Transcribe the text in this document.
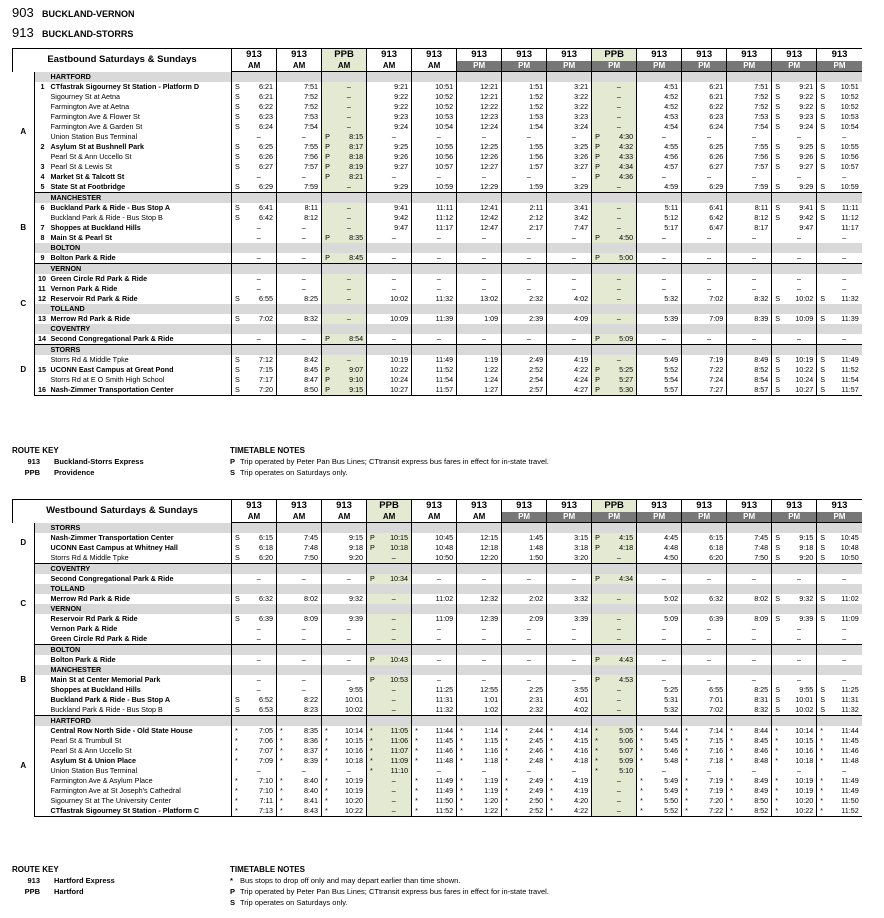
903 BUCKLAND-VERNON
913 BUCKLAND-STORRS
Eastbound Saturdays & Sundays			913		913		PPB		913		913		913		913		913		PPB		913		913		913		913		913	
			AM		AM		AM		AM		AM		PM		PM		PM		PM		PM		PM		PM		PM		PM	
A		HARTFORD																												
	1	CTfastrak Sigourney St Station - Platform D	S	6:21		7:51		–		9:21		10:51		12:21		1:51		3:21		–		4:51		6:21		7:51	S	9:21	S	10:51
		Sigourney St at Aetna	S	6:21		7:52		–		9:22		10:52		12:21		1:52		3:22		–		4:52		6:21		7:52	S	9:22	S	10:52
		Farmington Ave at Aetna	S	6:22		7:52		–		9:22		10:52		12:22		1:52		3:22		–		4:52		6:22		7:52	S	9:22	S	10:52
		Farmington Ave & Flower St	S	6:23		7:53		–		9:23		10:53		12:23		1:53		3:23		–		4:53		6:23		7:53	S	9:23	S	10:53
		Farmington Ave & Garden St	S	6:24		7:54		–		9:24		10:54		12:24		1:54		3:24		–		4:54		6:24		7:54	S	9:24	S	10:54
		Union Station Bus Terminal		–		–	P	8:15		–		–		–		–		–	P	4:30		–		–		–		–		–
	2	Asylum St at Bushnell Park	S	6:25		7:55	P	8:17		9:25		10:55		12:25		1:55		3:25	P	4:32		4:55		6:25		7:55	S	9:25	S	10:55
		Pearl St & Ann Uccello St	S	6:26		7:56	P	8:18		9:26		10:56		12:26		1:56		3:26	P	4:33		4:56		6:26		7:56	S	9:26	S	10:56
	3	Pearl St & Lewis St	S	6:27		7:57	P	8:19		9:27		10:57		12:27		1:57		3:27	P	4:34		4:57		6:27		7:57	S	9:27	S	10:57
	4	Market St & Talcott St		–		–	P	8:21		–		–		–		–		–	P	4:36		–		–		–		–		–
	5	State St at Footbridge	S	6:29		7:59		–		9:29		10:59		12:29		1:59		3:29		–		4:59		6:29		7:59	S	9:29	S	10:59
B		MANCHESTER																												
	6	Buckland Park & Ride - Bus Stop A	S	6:41		8:11		–		9:41		11:11		12:41		2:11		3:41		–		5:11		6:41		8:11	S	9:41	S	11:11
		Buckland Park & Ride - Bus Stop B	S	6:42		8:12		–		9:42		11:12		12:42		2:12		3:42		–		5:12		6:42		8:12	S	9:42	S	11:12
	7	Shoppes at Buckland Hills		–		–		–		9:47		11:17		12:47		2:17		7:47		–		5:17		6:47		8:17		9:47		11:17
	8	Main St & Pearl St		–		–	P	8:35		–		–		–		–		–	P	4:50		–		–		–		–		–
		BOLTON																												
	9	Bolton Park & Ride		–		–	P	8:45		–		–		–		–		–	P	5:00		–		–		–		–		–
C		VERNON																												
	10	Green Circle Rd Park & Ride		–		–		–		–		–		–		–		–		–		–		–		–		–		–
	11	Vernon Park & Ride		–		–		–		–		–		–		–		–		–		–		–		–		–		–
	12	Reservoir Rd Park & Ride	S	6:55		8:25		–		10:02		11:32		13:02		2:32		4:02		–		5:32		7:02		8:32	S	10:02	S	11:32
		TOLLAND																												
	13	Merrow Rd Park & Ride	S	7:02		8:32		–		10:09		11:39		1:09		2:39		4:09		–		5:39		7:09		8:39	S	10:09	S	11:39
		COVENTRY																												
	14	Second Congregational Park & Ride		–		–	P	8:54		–		–		–		–		–	P	5:09		–		–		–		–		–
D		STORRS																												
		Storrs Rd & Middle Tpke	S	7:12		8:42		–		10:19		11:49		1:19		2:49		4:19		–		5:49		7:19		8:49	S	10:19	S	11:49
	15	UCONN East Campus at Great Pond	S	7:15		8:45	P	9:07		10:22		11:52		1:22		2:52		4:22	P	5:25		5:52		7:22		8:52	S	10:22	S	11:52
		Storrs Rd at E O Smith High School	S	7:17		8:47	P	9:10		10:24		11:54		1:24		2:54		4:24	P	5:27		5:54		7:24		8:54	S	10:24	S	11:54
	16	Nash-Zimmer Transportation Center	S	7:20		8:50	P	9:15		10:27		11:57		1:27		2:57		4:27	P	5:30		5:57		7:27		8:57	S	10:27	S	11:57
ROUTE KEY
913 Buckland-Storrs Express
PPB Providence
TIMETABLE NOTES
P Trip operated by Peter Pan Bus Lines; CTtransit express bus fares in effect for in-state travel.
S Trip operates on Saturdays only.
Westbound Saturdays & Sundays			913		913		913		PPB		913		913		913		913		PPB		913		913		913		913		913	
			AM		AM		AM		AM		AM		AM		PM		PM		PM		PM		PM		PM		PM		PM	
D		STORRS																												
		Nash-Zimmer Transportation Center	S	6:15		7:45		9:15	P	10:15		10:45		12:15		1:45		3:15	P	4:15		4:45		6:15		7:45	S	9:15	S	10:45
		UCONN East Campus at Whitney Hall	S	6:18		7:48		9:18	P	10:18		10:48		12:18		1:48		3:18	P	4:18		4:48		6:18		7:48	S	9:18	S	10:48
		Storrs Rd & Middle Tpke	S	6:20		7:50		9:20		–		10:50		12:20		1:50		3:20		–		4:50		6:20		7:50	S	9:20	S	10:50
C		COVENTRY																												
		Second Congregational Park & Ride		–		–		–	P	10:34		–		–		–		–	P	4:34		–		–		–		–		–
		TOLLAND																												
		Merrow Rd Park & Ride	S	6:32		8:02		9:32		–		11:02		12:32		2:02		3:32		–		5:02		6:32		8:02	S	9:32	S	11:02
		VERNON																												
		Reservoir Rd Park & Ride	S	6:39		8:09		9:39		–		11:09		12:39		2:09		3:39		–		5:09		6:39		8:09	S	9:39	S	11:09
		Vernon Park & Ride		–		–		–		–		–		–		–		–		–		–		–		–		–		–
		Green Circle Rd Park & Ride		–		–		–		–		–		–		–		–		–		–		–		–		–		–
B		BOLTON																												
		Bolton Park & Ride		–		–		–	P	10:43		–		–		–		–	P	4:43		–		–		–		–		–
		MANCHESTER																												
		Main St at Center Memorial Park		–		–		–	P	10:53		–		–		–		–	P	4:53		–		–		–		–		–
		Shoppes at Buckland Hills		–		–		9:55		–		11:25		12:55		2:25		3:55		–		5:25		6:55		8:25	S	9:55	S	11:25
		Buckland Park & Ride - Bus Stop A	S	6:52		8:22		10:01		–		11:31		1:01		2:31		4:01		–		5:31		7:01		8:31	S	10:01	S	11:31
		Buckland Park & Ride - Bus Stop B	S	6:53		8:23		10:02		–		11:32		1:02		2:32		4:02		–		5:32		7:02		8:32	S	10:02	S	11:32
A		HARTFORD																												
		Central Row North Side - Old State House	*	7:05	*	8:35	*	10:14	*	11:05	*	11:44	*	1:14	*	2:44	*	4:14	*	5:05	*	5:44	*	7:14	*	8:44	*	10:14	*	11:44
		Pearl St & Trumbull St	*	7:06	*	8:36	*	10:15	*	11:06	*	11:45	*	1:15	*	2:45	*	4:15	*	5:06	*	5:45	*	7:15	*	8:45	*	10:15	*	11:45
		Pearl St & Ann Uccello St	*	7:07	*	8:37	*	10:16	*	11:07	*	11:46	*	1:16	*	2:46	*	4:16	*	5:07	*	5:46	*	7:16	*	8:46	*	10:16	*	11:46
		Asylum St & Union Place	*	7:09	*	8:39	*	10:18	*	11:09	*	11:48	*	1:18	*	2:48	*	4:18	*	5:09	*	5:48	*	7:18	*	8:48	*	10:18	*	11:48
		Union Station Bus Terminal		–		–		–	*	11:10		–		–		–		–	*	5:10		–		–		–		–		–
		Farmington Ave & Asylum Place	*	7:10	*	8:40	*	10:19		–	*	11:49	*	1:19	*	2:49	*	4:19		–	*	5:49	*	7:19	*	8:49	*	10:19	*	11:49
		Farmington Ave at St Joseph's Cathedral	*	7:10	*	8:40	*	10:19		–	*	11:49	*	1:19	*	2:49	*	4:19		–	*	5:49	*	7:19	*	8:49	*	10:19	*	11:49
		Sigourney St at The University Center	*	7:11	*	8:41	*	10:20		–	*	11:50	*	1:20	*	2:50	*	4:20		–	*	5:50	*	7:20	*	8:50	*	10:20	*	11:50
		CTfastrak Sigourney St Station - Platform C	*	7:13	*	8:43	*	10:22		–	*	11:52	*	1:22	*	2:52	*	4:22		–	*	5:52	*	7:22	*	8:52	*	10:22	*	11:52
ROUTE KEY
913 Hartford Express
PPB Hartford
TIMETABLE NOTES
* Bus stops to drop off only and may depart earlier than time shown.
P Trip operated by Peter Pan Bus Lines; CTtransit express bus fares in effect for in-state travel.
S Trip operates on Saturdays only.
